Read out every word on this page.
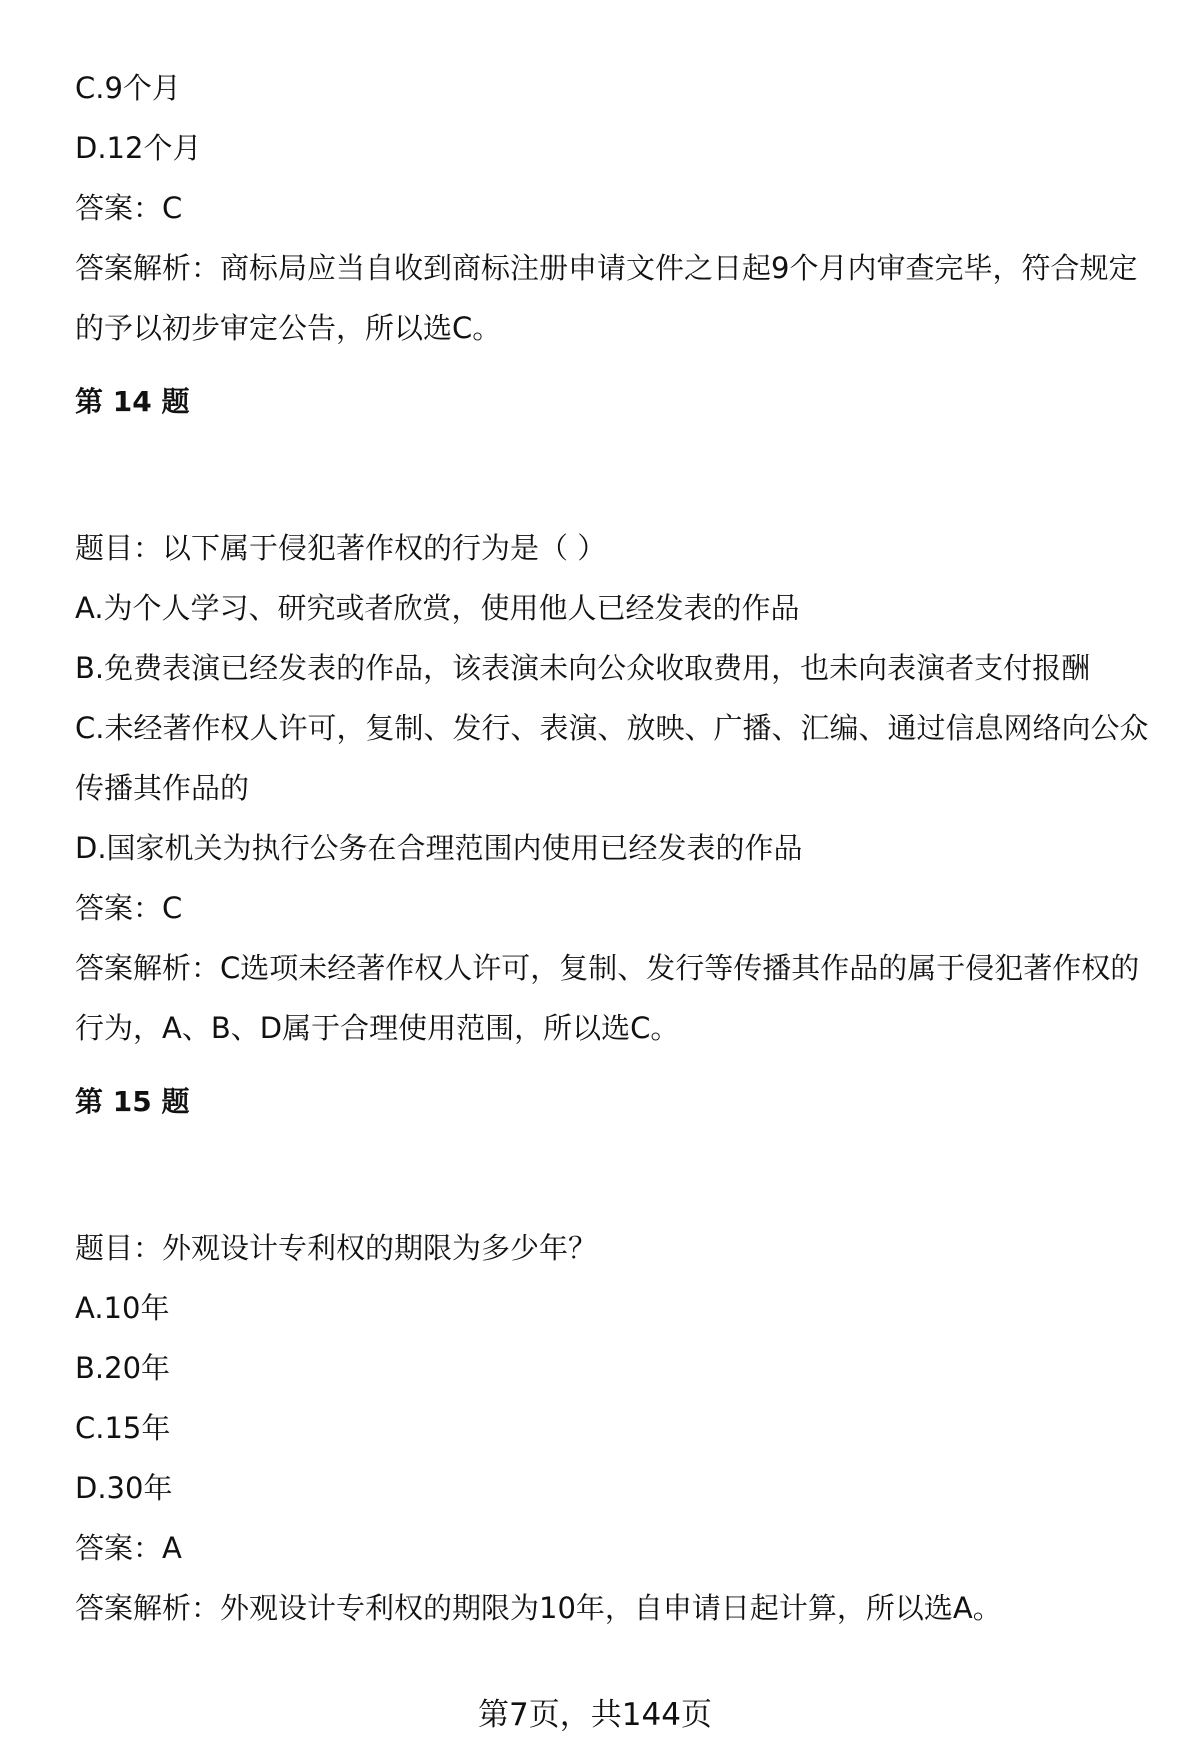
C.9个月
D.12个月
答案：C
答案解析：商标局应当自收到商标注册申请文件之日起9个月内审查完毕，符合规定的予以初步审定公告，所以选C。
第 14 题
题目：以下属于侵犯著作权的行为是（ ）
A.为个人学习、研究或者欣赏，使用他人已经发表的作品
B.免费表演已经发表的作品，该表演未向公众收取费用，也未向表演者支付报酬
C.未经著作权人许可，复制、发行、表演、放映、广播、汇编、通过信息网络向公众传播其作品的
D.国家机关为执行公务在合理范围内使用已经发表的作品
答案：C
答案解析：C选项未经著作权人许可，复制、发行等传播其作品的属于侵犯著作权的行为，A、B、D属于合理使用范围，所以选C。
第 15 题
题目：外观设计专利权的期限为多少年？
A.10年
B.20年
C.15年
D.30年
答案：A
答案解析：外观设计专利权的期限为10年，自申请日起计算，所以选A。
第7页，共144页
